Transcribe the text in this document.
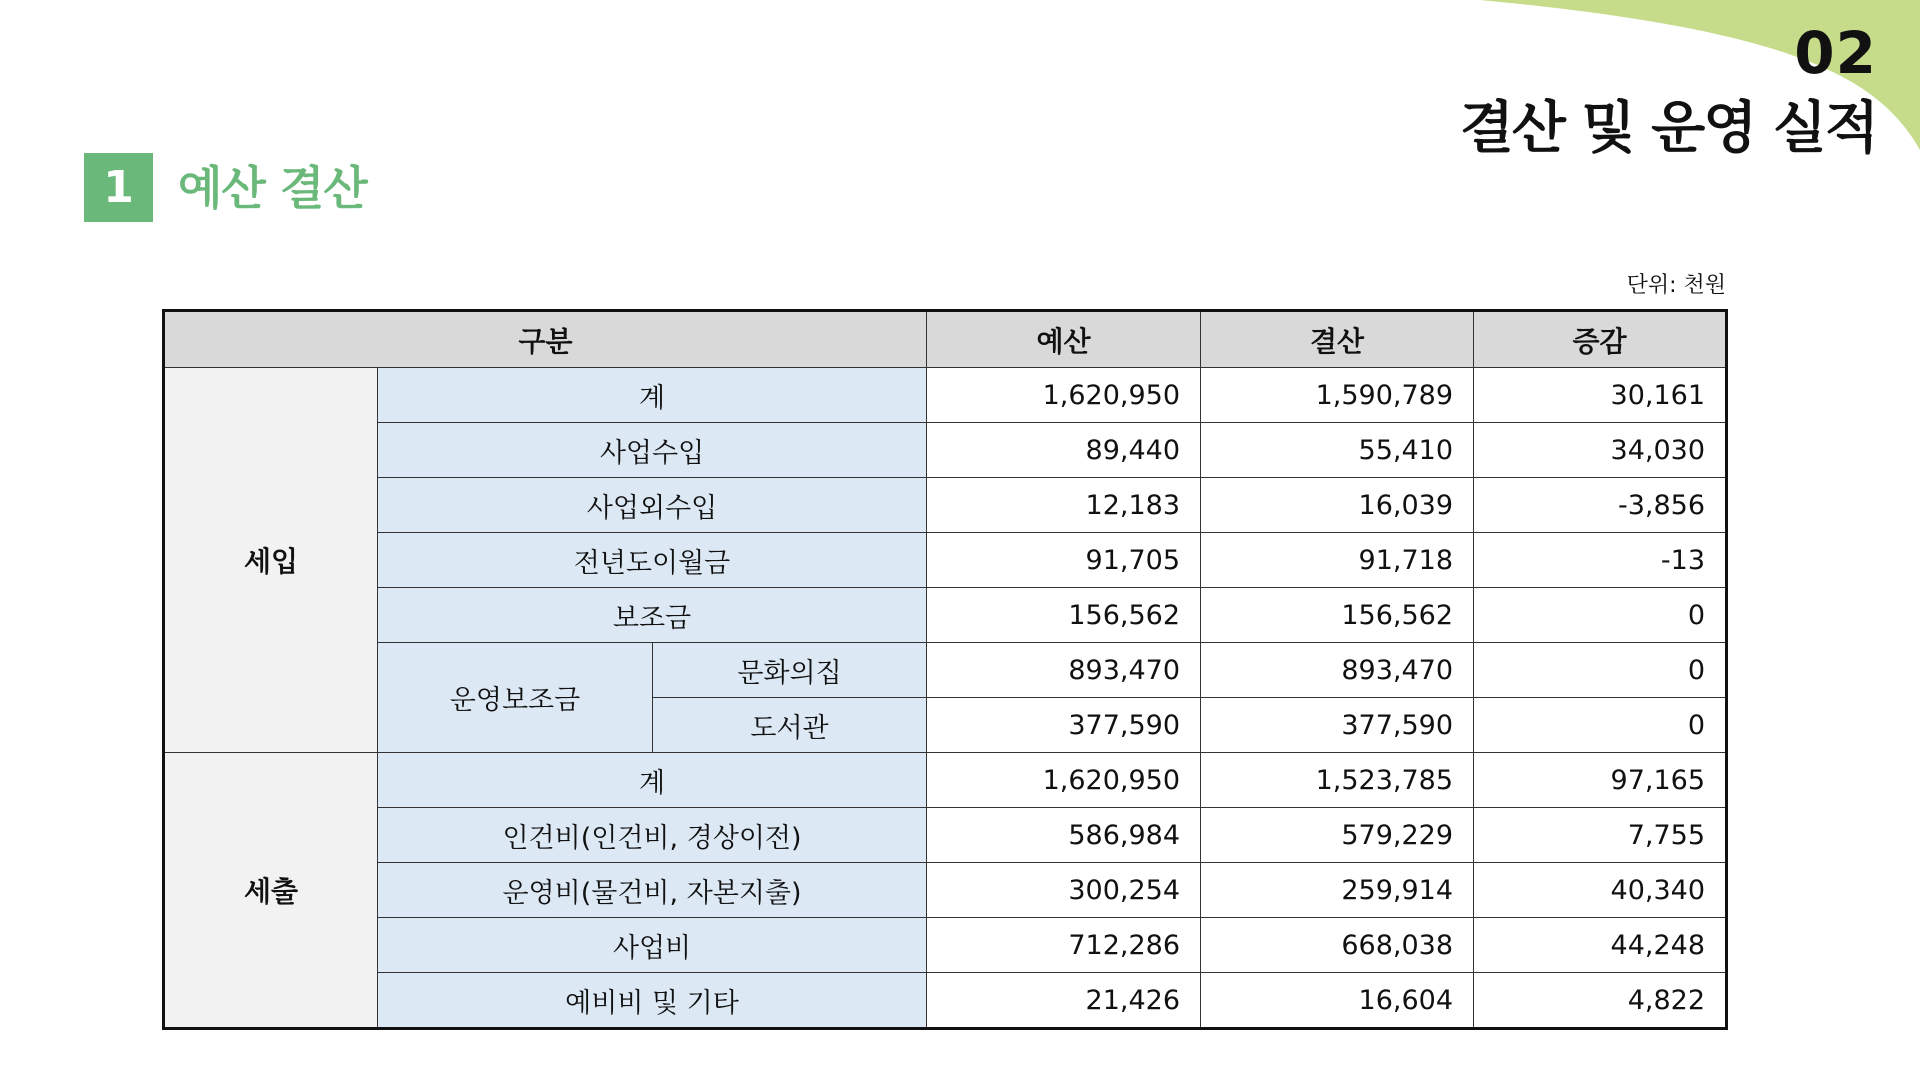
02
결산 및 운영 실적
1 예산 결산
단위: 천원
구분			예산	결산	증감
세입	계		1,620,950	1,590,789	30,161
	사업수입		89,440	55,410	34,030
	사업외수입		12,183	16,039	-3,856
	전년도이월금		91,705	91,718	-13
	보조금		156,562	156,562	0
	운영보조금	문화의집	893,470	893,470	0
		도서관	377,590	377,590	0
세출	계		1,620,950	1,523,785	97,165
	인건비(인건비, 경상이전)		586,984	579,229	7,755
	운영비(물건비, 자본지출)		300,254	259,914	40,340
	사업비		712,286	668,038	44,248
	예비비 및 기타		21,426	16,604	4,822
